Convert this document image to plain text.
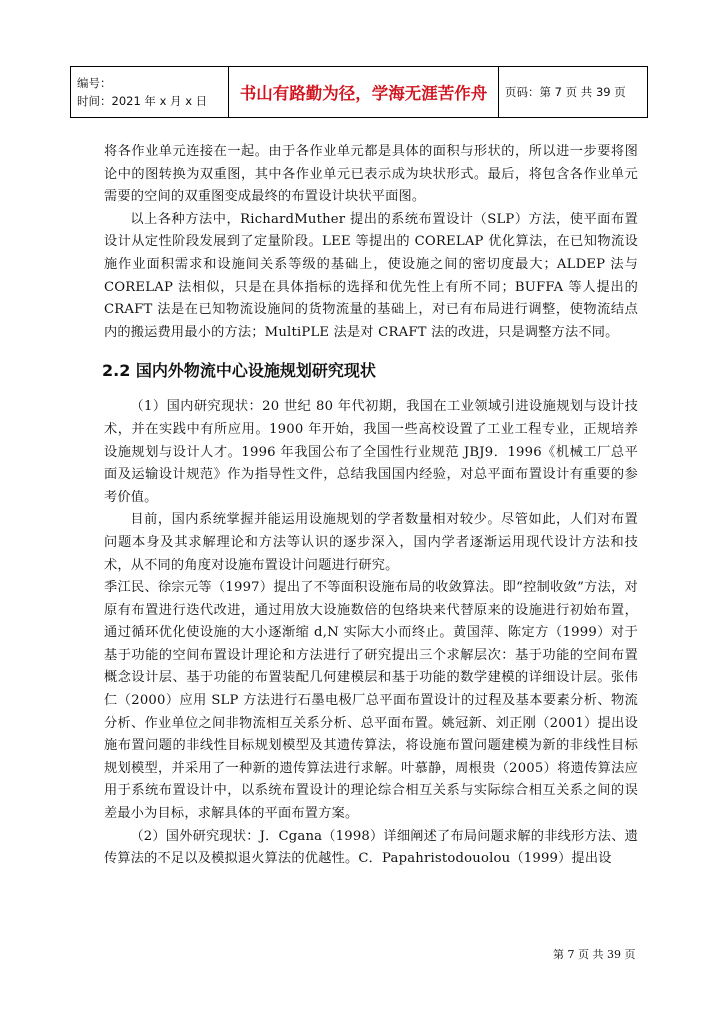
编号：
时间：2021 年 x 月 x 日	书山有路勤为径，学海无涯苦作舟 页码：第 7 页 共 39 页

将各作业单元连接在一起。由于各作业单元都是具体的面积与形状的，所以进一步要将图论中的图转换为双重图，其中各作业单元已表示成为块状形式。最后，将包含各作业单元需要的空间的双重图变成最终的布置设计块状平面图。

以上各种方法中，RichardMuther 提出的系统布置设计（SLP）方法，使平面布置设计从定性阶段发展到了定量阶段。LEE 等提出的 CORELAP 优化算法，在已知物流设施作业面积需求和设施间关系等级的基础上，使设施之间的密切度最大；ALDEP 法与 CORELAP 法相似，只是在具体指标的选择和优先性上有所不同；BUFFA 等人提出的 CRAFT 法是在已知物流设施间的货物流量的基础上，对已有布局进行调整，使物流结点内的搬运费用最小的方法；MultiPLE 法是对 CRAFT 法的改进，只是调整方法不同。

2.2 国内外物流中心设施规划研究现状

（1）国内研究现状：20 世纪 80 年代初期，我国在工业领域引进设施规划与设计技术，并在实践中有所应用。1900 年开始，我国一些高校设置了工业工程专业，正规培养设施规划与设计人才。1996 年我国公布了全国性行业规范 JBJ9．1996《机械工厂总平面及运输设计规范》作为指导性文件，总结我国国内经验，对总平面布置设计有重要的参考价值。

目前，国内系统掌握并能运用设施规划的学者数量相对较少。尽管如此，人们对布置问题本身及其求解理论和方法等认识的逐步深入，国内学者逐渐运用现代设计方法和技术，从不同的角度对设施布置设计问题进行研究。

季江民、徐宗元等（1997）提出了不等面积设施布局的收敛算法。即“控制收敛”方法，对原有布置进行迭代改进，通过用放大设施数倍的包络块来代替原来的设施进行初始布置，通过循环优化使设施的大小逐渐缩 d,N 实际大小而终止。黄国萍、陈定方（1999）对于基于功能的空间布置设计理论和方法进行了研究提出三个求解层次：基于功能的空间布置概念设计层、基于功能的布置装配几何建模层和基于功能的数学建模的详细设计层。张伟仁（2000）应用 SLP 方法进行石墨电极厂总平面布置设计的过程及基本要素分析、物流分析、作业单位之间非物流相互关系分析、总平面布置。姚冠新、刘正刚（2001）提出设施布置问题的非线性目标规划模型及其遗传算法，将设施布置问题建模为新的非线性目标规划模型，并采用了一种新的遗传算法进行求解。叶慕静，周根贵（2005）将遗传算法应用于系统布置设计中，以系统布置设计的理论综合相互关系与实际综合相互关系之间的误差最小为目标，求解具体的平面布置方案。

（2）国外研究现状：J．Cgana（1998）详细阐述了布局问题求解的非线形方法、遗传算法的不足以及模拟退火算法的优越性。C．Papahristodouolou（1999）提出设

第 7 页 共 39 页
